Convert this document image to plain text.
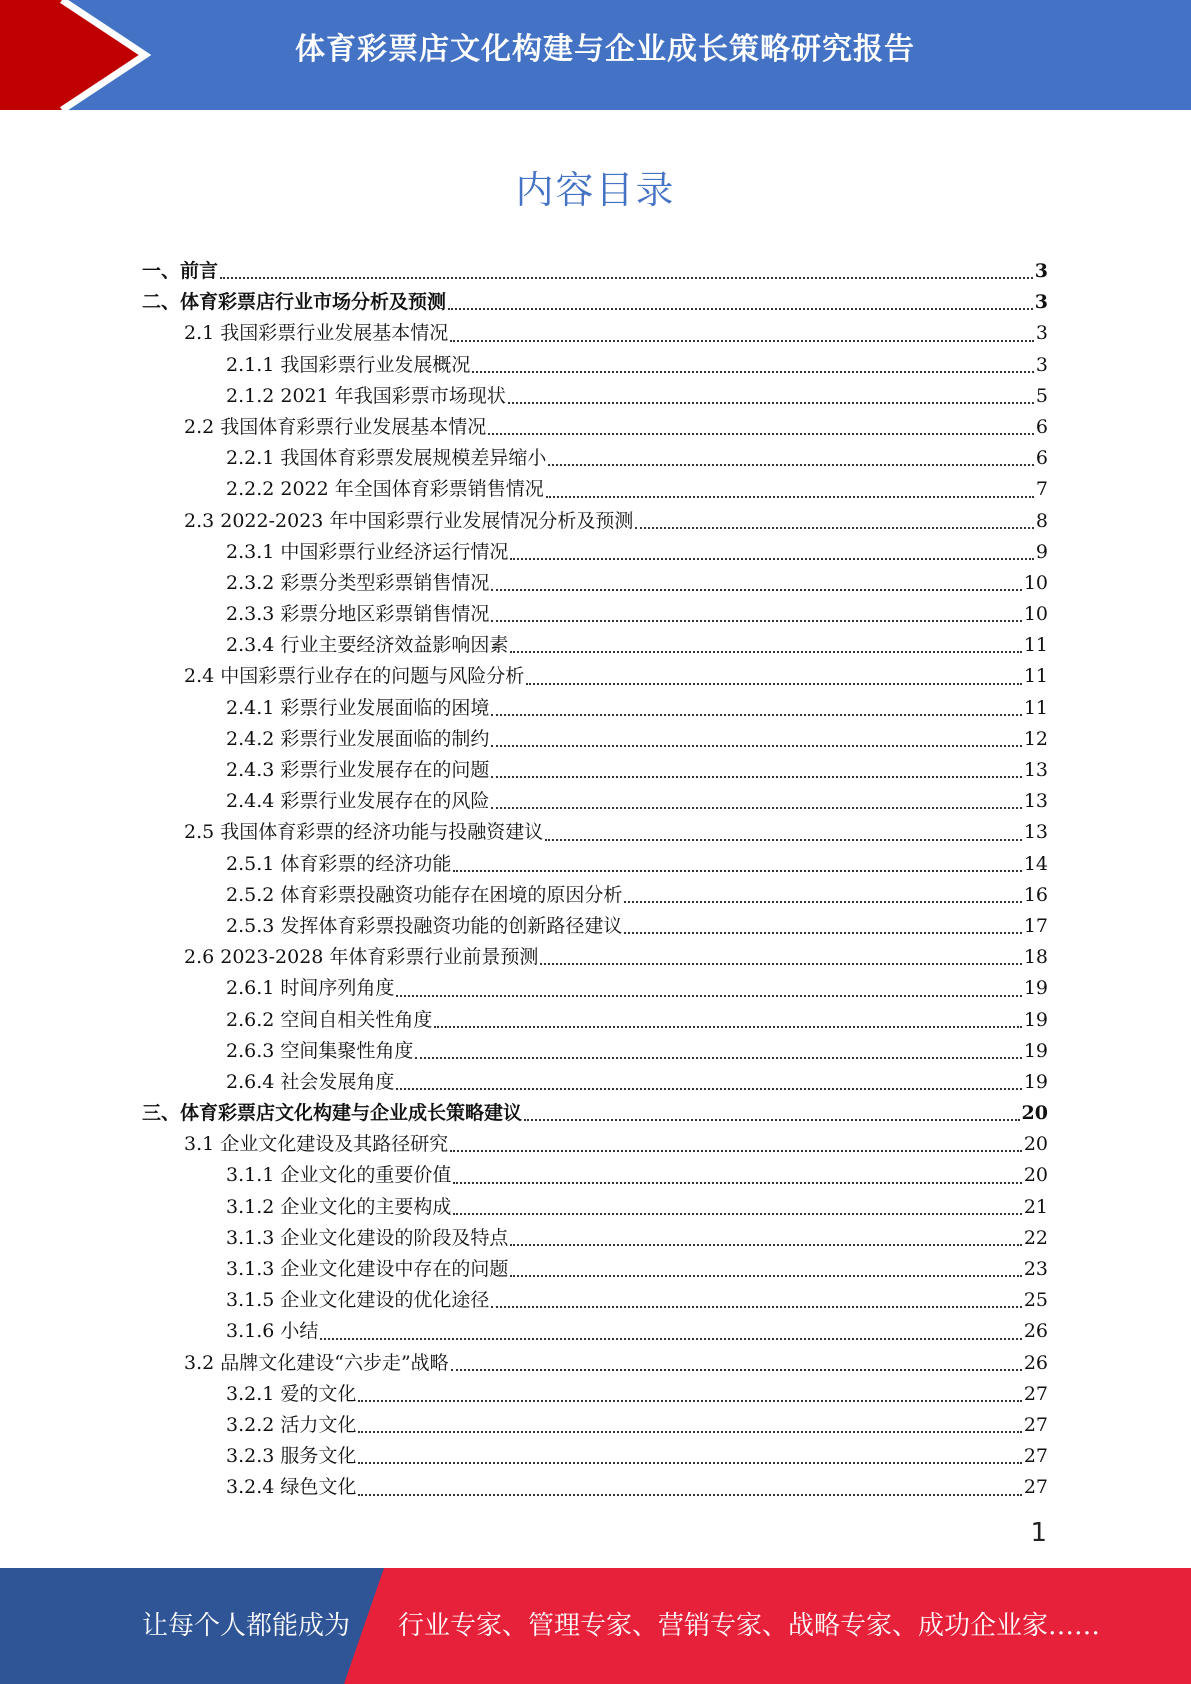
体育彩票店文化构建与企业成长策略研究报告
内容目录
一、前言	3
二、体育彩票店行业市场分析及预测	3
2.1 我国彩票行业发展基本情况	3
2.1.1 我国彩票行业发展概况	3
2.1.2 2021 年我国彩票市场现状	5
2.2 我国体育彩票行业发展基本情况	6
2.2.1 我国体育彩票发展规模差异缩小	6
2.2.2 2022 年全国体育彩票销售情况	7
2.3 2022-2023 年中国彩票行业发展情况分析及预测	8
2.3.1 中国彩票行业经济运行情况	9
2.3.2 彩票分类型彩票销售情况	10
2.3.3 彩票分地区彩票销售情况	10
2.3.4 行业主要经济效益影响因素	11
2.4 中国彩票行业存在的问题与风险分析	11
2.4.1 彩票行业发展面临的困境	11
2.4.2 彩票行业发展面临的制约	12
2.4.3 彩票行业发展存在的问题	13
2.4.4 彩票行业发展存在的风险	13
2.5 我国体育彩票的经济功能与投融资建议	13
2.5.1 体育彩票的经济功能	14
2.5.2 体育彩票投融资功能存在困境的原因分析	16
2.5.3 发挥体育彩票投融资功能的创新路径建议	17
2.6 2023-2028 年体育彩票行业前景预测	18
2.6.1 时间序列角度	19
2.6.2 空间自相关性角度	19
2.6.3 空间集聚性角度	19
2.6.4 社会发展角度	19
三、体育彩票店文化构建与企业成长策略建议	20
3.1 企业文化建设及其路径研究	20
3.1.1 企业文化的重要价值	20
3.1.2 企业文化的主要构成	21
3.1.3 企业文化建设的阶段及特点	22
3.1.3 企业文化建设中存在的问题	23
3.1.5 企业文化建设的优化途径	25
3.1.6 小结	26
3.2 品牌文化建设“六步走”战略	26
3.2.1 爱的文化	27
3.2.2 活力文化	27
3.2.3 服务文化	27
3.2.4 绿色文化	27
1
让每个人都能成为 行业专家、管理专家、营销专家、战略专家、成功企业家……
